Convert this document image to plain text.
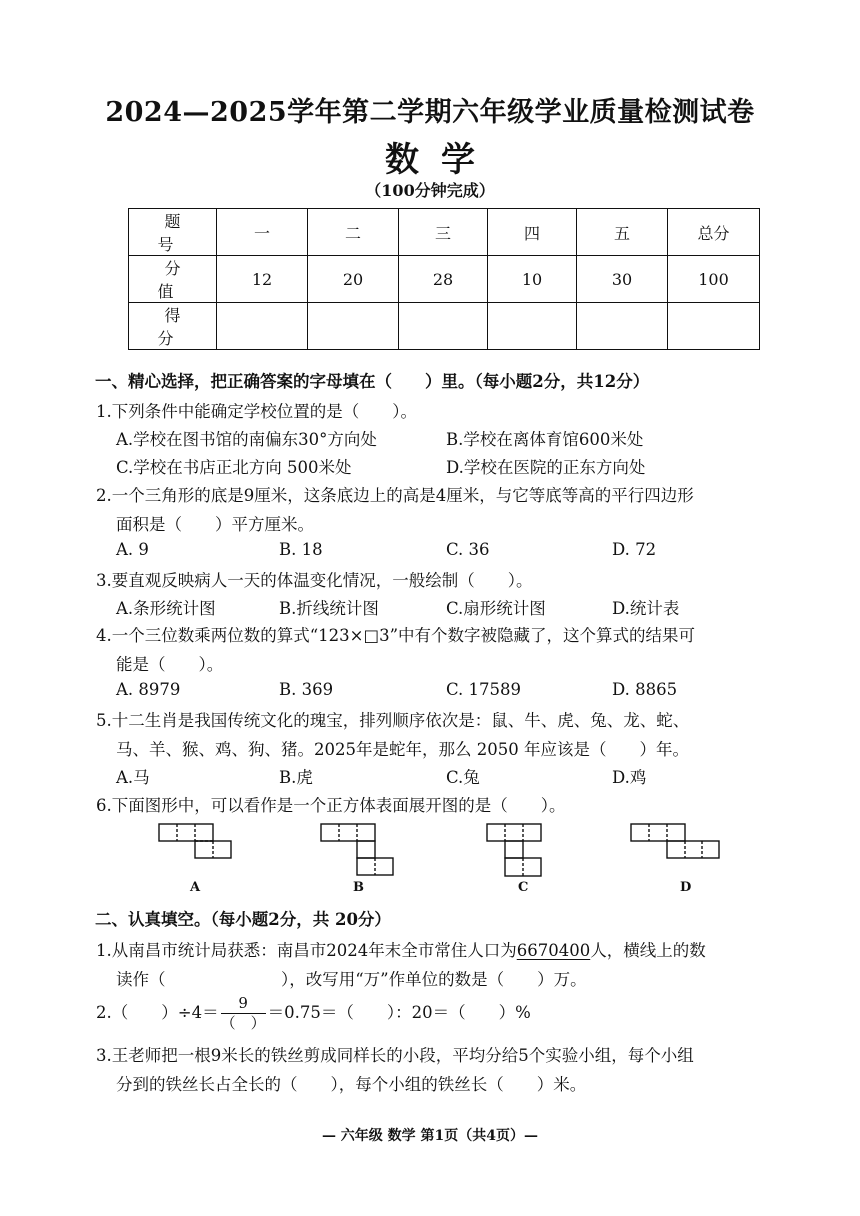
2024—2025学年第二学期六年级学业质量检测试卷
数学
（100分钟完成）
题　号	一	二	三	四	五	总分
分　值	12	20	28	10	30	100
得　分						
一、精心选择，把正确答案的字母填在（　　）里。（每小题2分，共12分）
1.下列条件中能确定学校位置的是（　　）。
A.学校在图书馆的南偏东30°方向处	B.学校在离体育馆600米处
C.学校在书店正北方向 500米处	D.学校在医院的正东方向处
2.一个三角形的底是9厘米，这条底边上的高是4厘米，与它等底等高的平行四边形
面积是（　　）平方厘米。
A. 9	B. 18	C. 36	D. 72
3.要直观反映病人一天的体温变化情况，一般绘制（　　）。
A.条形统计图	B.折线统计图	C.扇形统计图	D.统计表
4.一个三位数乘两位数的算式“123×□3”中有个数字被隐藏了，这个算式的结果可
能是（　　）。
A. 8979	B. 369	C. 17589	D. 8865
5.十二生肖是我国传统文化的瑰宝，排列顺序依次是：鼠、牛、虎、兔、龙、蛇、
马、羊、猴、鸡、狗、猪。2025年是蛇年，那么 2050 年应该是（　　）年。
A.马	B.虎	C.兔	D.鸡
6.下面图形中，可以看作是一个正方体表面展开图的是（　　）。
A	B	C	D
二、认真填空。（每小题2分，共 20分）
1.从南昌市统计局获悉：南昌市2024年末全市常住人口为6670400人，横线上的数
读作（　　　　　　　），改写用“万”作单位的数是（　　）万。
2.（　　）$\div 4= \frac{9}{( )} =0.75=$（　　）：20＝（　　）%
3.王老师把一根9米长的铁丝剪成同样长的小段，平均分给5个实验小组，每个小组
分到的铁丝长占全长的（　　），每个小组的铁丝长（　　）米。
— 六年级 数学 第1页（共4页）—
